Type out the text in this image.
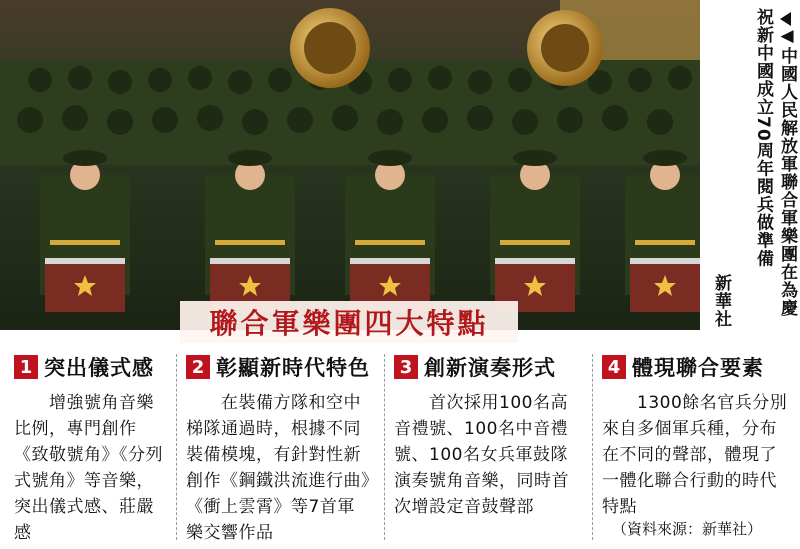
◀中國人民解放軍聯合軍樂團在為慶
祝新中國成立70周年閱兵做準備
新華社
聯合軍樂團四大特點
1 突出儀式感
　　增強號角音樂比例，專門創作《致敬號角》《分列式號角》等音樂，突出儀式感、莊嚴感
2 彰顯新時代特色
　　在裝備方隊和空中梯隊通過時，根據不同裝備模塊，有針對性新創作《鋼鐵洪流進行曲》《衝上雲霄》等7首軍樂交響作品
3 創新演奏形式
　　首次採用100名高音禮號、100名中音禮號、100名女兵軍鼓隊演奏號角音樂，同時首次增設定音鼓聲部
4 體現聯合要素
　　1300餘名官兵分別來自多個軍兵種，分布在不同的聲部，體現了一體化聯合行動的時代特點
（資料來源：新華社）
